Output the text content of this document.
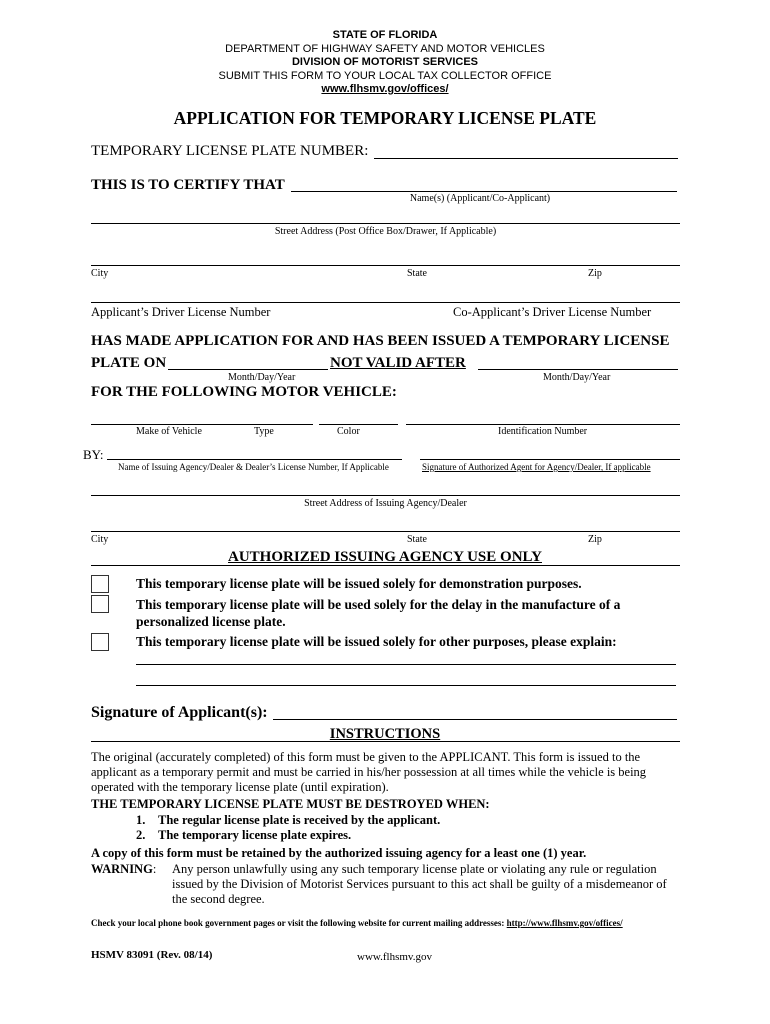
STATE OF FLORIDA
DEPARTMENT OF HIGHWAY SAFETY AND MOTOR VEHICLES
DIVISION OF MOTORIST SERVICES
SUBMIT THIS FORM TO YOUR LOCAL TAX COLLECTOR OFFICE
www.flhsmv.gov/offices/
APPLICATION FOR TEMPORARY LICENSE PLATE
TEMPORARY LICENSE PLATE NUMBER:
THIS IS TO CERTIFY THAT
Name(s) (Applicant/Co-Applicant)
Street Address (Post Office Box/Drawer, If Applicable)
City	State	Zip
Applicant’s Driver License Number	Co-Applicant’s Driver License Number
HAS MADE APPLICATION FOR AND HAS BEEN ISSUED A TEMPORARY LICENSE
PLATE ON	NOT VALID AFTER
Month/Day/Year	Month/Day/Year
FOR THE FOLLOWING MOTOR VEHICLE:
Make of Vehicle	Type	Color	Identification Number
BY:
Name of Issuing Agency/Dealer & Dealer’s License Number, If Applicable	Signature of Authorized Agent for Agency/Dealer, If applicable
Street Address of Issuing Agency/Dealer
City	State	Zip
AUTHORIZED ISSUING AGENCY USE ONLY
This temporary license plate will be issued solely for demonstration purposes.
This temporary license plate will be used solely for the delay in the manufacture of a
personalized license plate.
This temporary license plate will be issued solely for other purposes, please explain:
Signature of Applicant(s):
INSTRUCTIONS
The original (accurately completed) of this form must be given to the APPLICANT. This form is issued to the
applicant as a temporary permit and must be carried in his/her possession at all times while the vehicle is being
operated with the temporary license plate (until expiration).
THE TEMPORARY LICENSE PLATE MUST BE DESTROYED WHEN:
1. The regular license plate is received by the applicant.
2. The temporary license plate expires.
A copy of this form must be retained by the authorized issuing agency for a least one (1) year.
WARNING: Any person unlawfully using any such temporary license plate or violating any rule or regulation
issued by the Division of Motorist Services pursuant to this act shall be guilty of a misdemeanor of
the second degree.
Check your local phone book government pages or visit the following website for current mailing addresses: http://www.flhsmv.gov/offices/
HSMV 83091 (Rev. 08/14)	www.flhsmv.gov
